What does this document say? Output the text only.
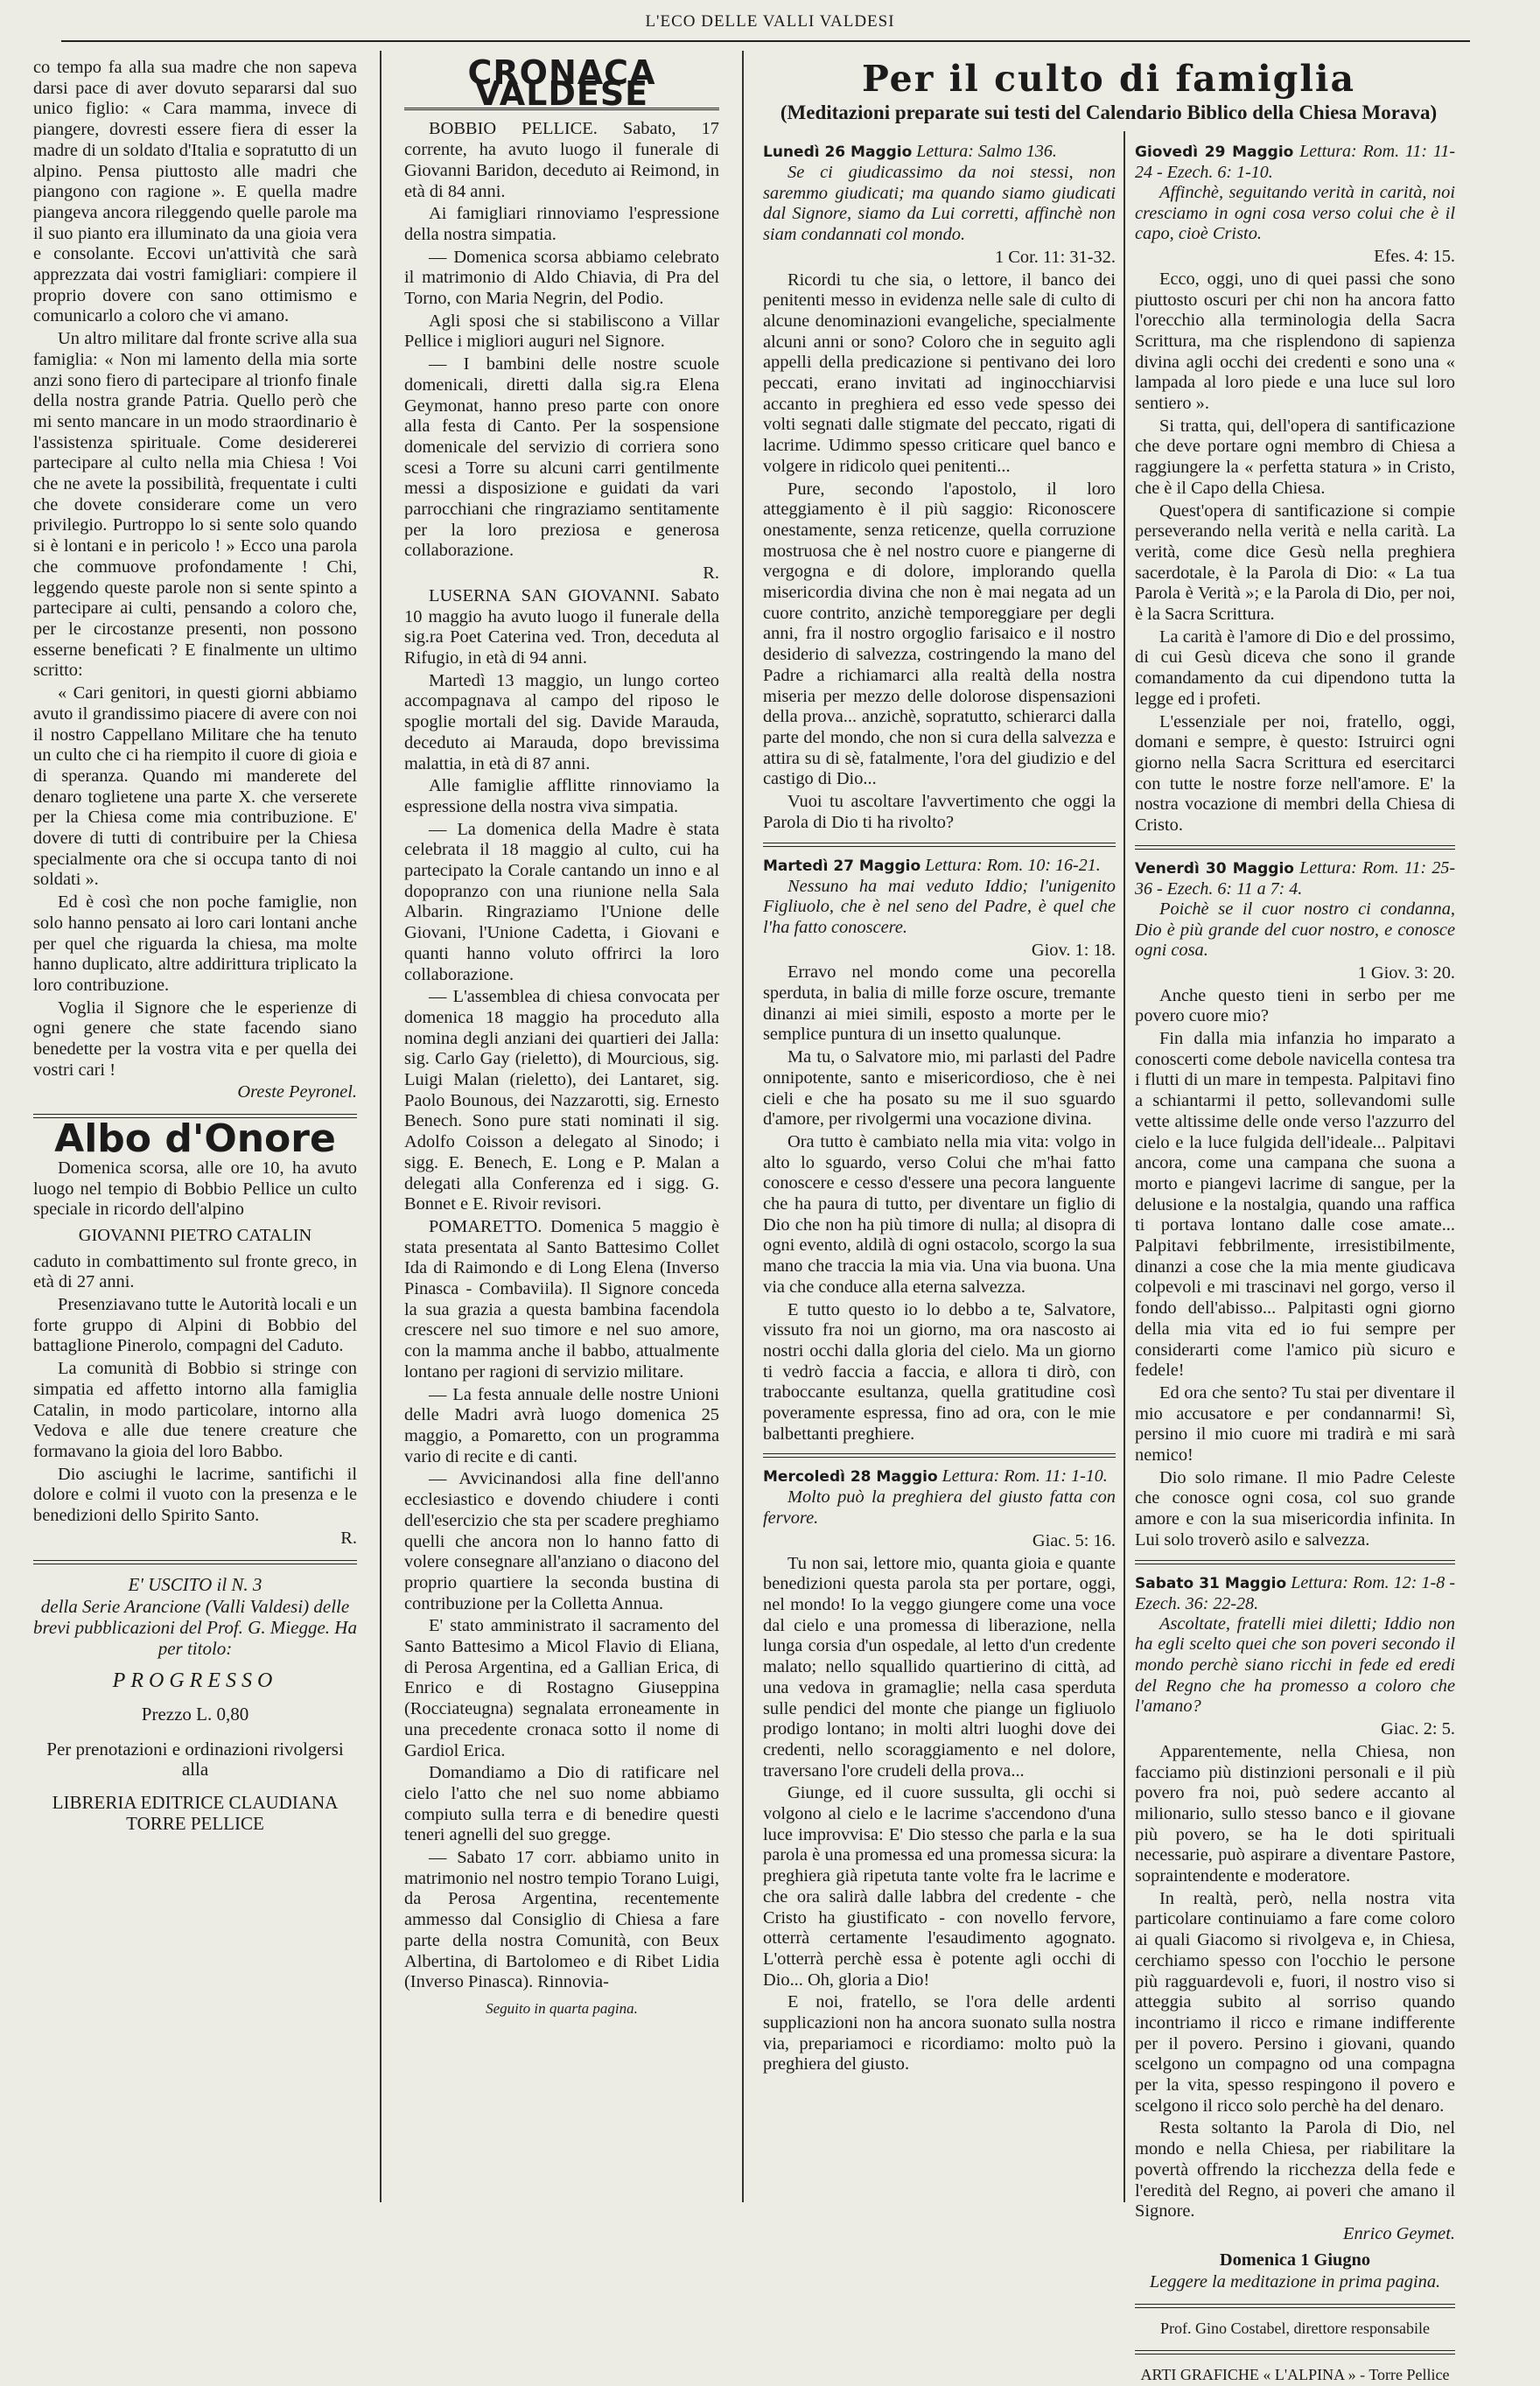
L'ECO DELLE VALLI VALDESI

co tempo fa alla sua madre che non sapeva darsi pace di aver dovuto separarsi dal suo unico figlio: « Cara mamma, invece di piangere, dovresti essere fiera di esser la madre di un soldato d'Italia e sopratutto di un alpino. Pensa piuttosto alle madri che piangono con ragione ». E quella madre piangeva ancora rileggendo quelle parole ma il suo pianto era illuminato da una gioia vera e consolante. Eccovi un'attività che sarà apprezzata dai vostri famigliari: compiere il proprio dovere con sano ottimismo e comunicarlo a coloro che vi amano.

Un altro militare dal fronte scrive alla sua famiglia: « Non mi lamento della mia sorte anzi sono fiero di partecipare al trionfo finale della nostra grande Patria. Quello però che mi sento mancare in un modo straordinario è l'assistenza spirituale. Come desidererei partecipare al culto nella mia Chiesa ! Voi che ne avete la possibilità, frequentate i culti che dovete considerare come un vero privilegio. Purtroppo lo si sente solo quando si è lontani e in pericolo ! » Ecco una parola che commuove profondamente ! Chi, leggendo queste parole non si sente spinto a partecipare ai culti, pensando a coloro che, per le circostanze presenti, non possono esserne beneficati ? E finalmente un ultimo scritto:

« Cari genitori, in questi giorni abbiamo avuto il grandissimo piacere di avere con noi il nostro Cappellano Militare che ha tenuto un culto che ci ha riempito il cuore di gioia e di speranza. Quando mi manderete del denaro toglietene una parte X. che verserete per la Chiesa come mia contribuzione. E' dovere di tutti di contribuire per la Chiesa specialmente ora che si occupa tanto di noi soldati ».

Ed è così che non poche famiglie, non solo hanno pensato ai loro cari lontani anche per quel che riguarda la chiesa, ma molte hanno duplicato, altre addirittura triplicato la loro contribuzione.

Voglia il Signore che le esperienze di ogni genere che state facendo siano benedette per la vostra vita e per quella dei vostri cari !

Oreste Peyronel.

Albo d'Onore

Domenica scorsa, alle ore 10, ha avuto luogo nel tempio di Bobbio Pellice un culto speciale in ricordo dell'alpino

GIOVANNI PIETRO CATALIN

caduto in combattimento sul fronte greco, in età di 27 anni.

Presenziavano tutte le Autorità locali e un forte gruppo di Alpini di Bobbio del battaglione Pinerolo, compagni del Caduto.

La comunità di Bobbio si stringe con simpatia ed affetto intorno alla famiglia Catalin, in modo particolare, intorno alla Vedova e alle due tenere creature che formavano la gioia del loro Babbo.

Dio asciughi le lacrime, santifichi il dolore e colmi il vuoto con la presenza e le benedizioni dello Spirito Santo.

R.

E' USCITO il N. 3

della Serie Arancione (Valli Valdesi) delle brevi pubblicazioni del Prof. G. Miegge. Ha per titolo:

PROGRESSO
Prezzo L. 0,80
Per prenotazioni e ordinazioni rivolgersi alla
LIBRERIA EDITRICE CLAUDIANA
TORRE PELLICE
CRONACA VALDESE

BOBBIO PELLICE. Sabato, 17 corrente, ha avuto luogo il funerale di Giovanni Baridon, deceduto ai Reimond, in età di 84 anni.

Ai famigliari rinnoviamo l'espressione della nostra simpatia.

— Domenica scorsa abbiamo celebrato il matrimonio di Aldo Chiavia, di Pra del Torno, con Maria Negrin, del Podio.

Agli sposi che si stabiliscono a Villar Pellice i migliori auguri nel Signore.

— I bambini delle nostre scuole domenicali, diretti dalla sig.ra Elena Geymonat, hanno preso parte con onore alla festa di Canto. Per la sospensione domenicale del servizio di corriera sono scesi a Torre su alcuni carri gentilmente messi a disposizione e guidati da vari parrocchiani che ringraziamo sentitamente per la loro preziosa e generosa collaborazione.

R.

LUSERNA SAN GIOVANNI. Sabato 10 maggio ha avuto luogo il funerale della sig.ra Poet Caterina ved. Tron, deceduta al Rifugio, in età di 94 anni.

Martedì 13 maggio, un lungo corteo accompagnava al campo del riposo le spoglie mortali del sig. Davide Marauda, deceduto ai Marauda, dopo brevissima malattia, in età di 87 anni.

Alle famiglie afflitte rinnoviamo la espressione della nostra viva simpatia.

— La domenica della Madre è stata celebrata il 18 maggio al culto, cui ha partecipato la Corale cantando un inno e al dopopranzo con una riunione nella Sala Albarin. Ringraziamo l'Unione delle Giovani, l'Unione Cadetta, i Giovani e quanti hanno voluto offrirci la loro collaborazione.

— L'assemblea di chiesa convocata per domenica 18 maggio ha proceduto alla nomina degli anziani dei quartieri dei Jalla: sig. Carlo Gay (rieletto), di Mourcious, sig. Luigi Malan (rieletto), dei Lantaret, sig. Paolo Bounous, dei Nazzarotti, sig. Ernesto Benech. Sono pure stati nominati il sig. Adolfo Coisson a delegato al Sinodo; i sigg. E. Benech, E. Long e P. Malan a delegati alla Conferenza ed i sigg. G. Bonnet e E. Rivoir revisori.

POMARETTO. Domenica 5 maggio è stata presentata al Santo Battesimo Collet Ida di Raimondo e di Long Elena (Inverso Pinasca - Combaviila). Il Signore conceda la sua grazia a questa bambina facendola crescere nel suo timore e nel suo amore, con la mamma anche il babbo, attualmente lontano per ragioni di servizio militare.

— La festa annuale delle nostre Unioni delle Madri avrà luogo domenica 25 maggio, a Pomaretto, con un programma vario di recite e di canti.

— Avvicinandosi alla fine dell'anno ecclesiastico e dovendo chiudere i conti dell'esercizio che sta per scadere preghiamo quelli che ancora non lo hanno fatto di volere consegnare all'anziano o diacono del proprio quartiere la seconda bustina di contribuzione per la Colletta Annua.

E' stato amministrato il sacramento del Santo Battesimo a Micol Flavio di Eliana, di Perosa Argentina, ed a Gallian Erica, di Enrico e di Rostagno Giuseppina (Rocciateugna) segnalata erroneamente in una precedente cronaca sotto il nome di Gardiol Erica.

Domandiamo a Dio di ratificare nel cielo l'atto che nel suo nome abbiamo compiuto sulla terra e di benedire questi teneri agnelli del suo gregge.

— Sabato 17 corr. abbiamo unito in matrimonio nel nostro tempio Torano Luigi, da Perosa Argentina, recentemente ammesso dal Consiglio di Chiesa a fare parte della nostra Comunità, con Beux Albertina, di Bartolomeo e di Ribet Lidia (Inverso Pinasca). Rinnovia-

Seguito in quarta pagina.

Per il culto di famiglia
(Meditazioni preparate sui testi del Calendario Biblico della Chiesa Morava)
Lunedì 26 Maggio Lettura: Salmo 136.

Se ci giudicassimo da noi stessi, non saremmo giudicati; ma quando siamo giudicati dal Signore, siamo da Lui corretti, affinchè non siam condannati col mondo.

1 Cor. 11: 31-32.

Ricordi tu che sia, o lettore, il banco dei penitenti messo in evidenza nelle sale di culto di alcune denominazioni evangeliche, specialmente alcuni anni or sono? Coloro che in seguito agli appelli della predicazione si pentivano dei loro peccati, erano invitati ad inginocchiarvisi accanto in preghiera ed esso vede spesso dei volti segnati dalle stigmate del peccato, rigati di lacrime. Udimmo spesso criticare quel banco e volgere in ridicolo quei penitenti...

Pure, secondo l'apostolo, il loro atteggiamento è il più saggio: Riconoscere onestamente, senza reticenze, quella corruzione mostruosa che è nel nostro cuore e piangerne di vergogna e di dolore, implorando quella misericordia divina che non è mai negata ad un cuore contrito, anzichè temporeggiare per degli anni, fra il nostro orgoglio farisaico e il nostro desiderio di salvezza, costringendo la mano del Padre a richiamarci alla realtà della nostra miseria per mezzo delle dolorose dispensazioni della prova... anzichè, sopratutto, schierarci dalla parte del mondo, che non si cura della salvezza e attira su di sè, fatalmente, l'ora del giudizio e del castigo di Dio...

Vuoi tu ascoltare l'avvertimento che oggi la Parola di Dio ti ha rivolto?

Martedì 27 Maggio Lettura: Rom. 10: 16-21.

Nessuno ha mai veduto Iddio; l'unigenito Figliuolo, che è nel seno del Padre, è quel che l'ha fatto conoscere.

Giov. 1: 18.

Erravo nel mondo come una pecorella sperduta, in balia di mille forze oscure, tremante dinanzi ai miei simili, esposto a morte per le semplice puntura di un insetto qualunque.

Ma tu, o Salvatore mio, mi parlasti del Padre onnipotente, santo e misericordioso, che è nei cieli e che ha posato su me il suo sguardo d'amore, per rivolgermi una vocazione divina.

Ora tutto è cambiato nella mia vita: volgo in alto lo sguardo, verso Colui che m'hai fatto conoscere e cesso d'essere una pecora languente che ha paura di tutto, per diventare un figlio di Dio che non ha più timore di nulla; al disopra di ogni evento, aldilà di ogni ostacolo, scorgo la sua mano che traccia la mia via. Una via buona. Una via che conduce alla eterna salvezza.

E tutto questo io lo debbo a te, Salvatore, vissuto fra noi un giorno, ma ora nascosto ai nostri occhi dalla gloria del cielo. Ma un giorno ti vedrò faccia a faccia, e allora ti dirò, con traboccante esultanza, quella gratitudine così poveramente espressa, fino ad ora, con le mie balbettanti preghiere.

Mercoledì 28 Maggio Lettura: Rom. 11: 1-10.

Molto può la preghiera del giusto fatta con fervore.

Giac. 5: 16.

Tu non sai, lettore mio, quanta gioia e quante benedizioni questa parola sta per portare, oggi, nel mondo! Io la veggo giungere come una voce dal cielo e una promessa di liberazione, nella lunga corsia d'un ospedale, al letto d'un credente malato; nello squallido quartierino di città, ad una vedova in gramaglie; nella casa sperduta sulle pendici del monte che piange un figliuolo prodigo lontano; in molti altri luoghi dove dei credenti, nello scoraggiamento e nel dolore, traversano l'ore crudeli della prova...

Giunge, ed il cuore sussulta, gli occhi si volgono al cielo e le lacrime s'accendono d'una luce improvvisa: E' Dio stesso che parla e la sua parola è una promessa ed una promessa sicura: la preghiera già ripetuta tante volte fra le lacrime e che ora salirà dalle labbra del credente - che Cristo ha giustificato - con novello fervore, otterrà certamente l'esaudimento agognato. L'otterrà perchè essa è potente agli occhi di Dio... Oh, gloria a Dio!

E noi, fratello, se l'ora delle ardenti supplicazioni non ha ancora suonato sulla nostra via, prepariamoci e ricordiamo: molto può la preghiera del giusto.

Giovedì 29 Maggio Lettura: Rom. 11: 11-24 - Ezech. 6: 1-10.

Affinchè, seguitando verità in carità, noi cresciamo in ogni cosa verso colui che è il capo, cioè Cristo.

Efes. 4: 15.

Ecco, oggi, uno di quei passi che sono piuttosto oscuri per chi non ha ancora fatto l'orecchio alla terminologia della Sacra Scrittura, ma che risplendono di sapienza divina agli occhi dei credenti e sono una « lampada al loro piede e una luce sul loro sentiero ».

Si tratta, qui, dell'opera di santificazione che deve portare ogni membro di Chiesa a raggiungere la « perfetta statura » in Cristo, che è il Capo della Chiesa.

Quest'opera di santificazione si compie perseverando nella verità e nella carità. La verità, come dice Gesù nella preghiera sacerdotale, è la Parola di Dio: « La tua Parola è Verità »; e la Parola di Dio, per noi, è la Sacra Scrittura.

La carità è l'amore di Dio e del prossimo, di cui Gesù diceva che sono il grande comandamento da cui dipendono tutta la legge ed i profeti.

L'essenziale per noi, fratello, oggi, domani e sempre, è questo: Istruirci ogni giorno nella Sacra Scrittura ed esercitarci con tutte le nostre forze nell'amore. E' la nostra vocazione di membri della Chiesa di Cristo.

Venerdì 30 Maggio Lettura: Rom. 11: 25-36 - Ezech. 6: 11 a 7: 4.

Poichè se il cuor nostro ci condanna, Dio è più grande del cuor nostro, e conosce ogni cosa.

1 Giov. 3: 20.

Anche questo tieni in serbo per me povero cuore mio?

Fin dalla mia infanzia ho imparato a conoscerti come debole navicella contesa tra i flutti di un mare in tempesta. Palpitavi fino a schiantarmi il petto, sollevandomi sulle vette altissime delle onde verso l'azzurro del cielo e la luce fulgida dell'ideale... Palpitavi ancora, come una campana che suona a morto e piangevi lacrime di sangue, per la delusione e la nostalgia, quando una raffica ti portava lontano dalle cose amate... Palpitavi febbrilmente, irresistibilmente, dinanzi a cose che la mia mente giudicava colpevoli e mi trascinavi nel gorgo, verso il fondo dell'abisso... Palpitasti ogni giorno della mia vita ed io fui sempre per considerarti come l'amico più sicuro e fedele!

Ed ora che sento? Tu stai per diventare il mio accusatore e per condannarmi! Sì, persino il mio cuore mi tradirà e mi sarà nemico!

Dio solo rimane. Il mio Padre Celeste che conosce ogni cosa, col suo grande amore e con la sua misericordia infinita. In Lui solo troverò asilo e salvezza.

Sabato 31 Maggio Lettura: Rom. 12: 1-8 - Ezech. 36: 22-28.

Ascoltate, fratelli miei diletti; Iddio non ha egli scelto quei che son poveri secondo il mondo perchè siano ricchi in fede ed eredi del Regno che ha promesso a coloro che l'amano?

Giac. 2: 5.

Apparentemente, nella Chiesa, non facciamo più distinzioni personali e il più povero fra noi, può sedere accanto al milionario, sullo stesso banco e il giovane più povero, se ha le doti spirituali necessarie, può aspirare a diventare Pastore, sopraintendente e moderatore.

In realtà, però, nella nostra vita particolare continuiamo a fare come coloro ai quali Giacomo si rivolgeva e, in Chiesa, cerchiamo spesso con l'occhio le persone più ragguardevoli e, fuori, il nostro viso si atteggia subito al sorriso quando incontriamo il ricco e rimane indifferente per il povero. Persino i giovani, quando scelgono un compagno od una compagna per la vita, spesso respingono il povero e scelgono il ricco solo perchè ha del denaro.

Resta soltanto la Parola di Dio, nel mondo e nella Chiesa, per riabilitare la povertà offrendo la ricchezza della fede e l'eredità del Regno, ai poveri che amano il Signore.

Enrico Geymet.

Domenica 1 Giugno

Leggere la meditazione in prima pagina.

Prof. Gino Costabel, direttore responsabile
ARTI GRAFICHE « L'ALPINA » - Torre Pellice
